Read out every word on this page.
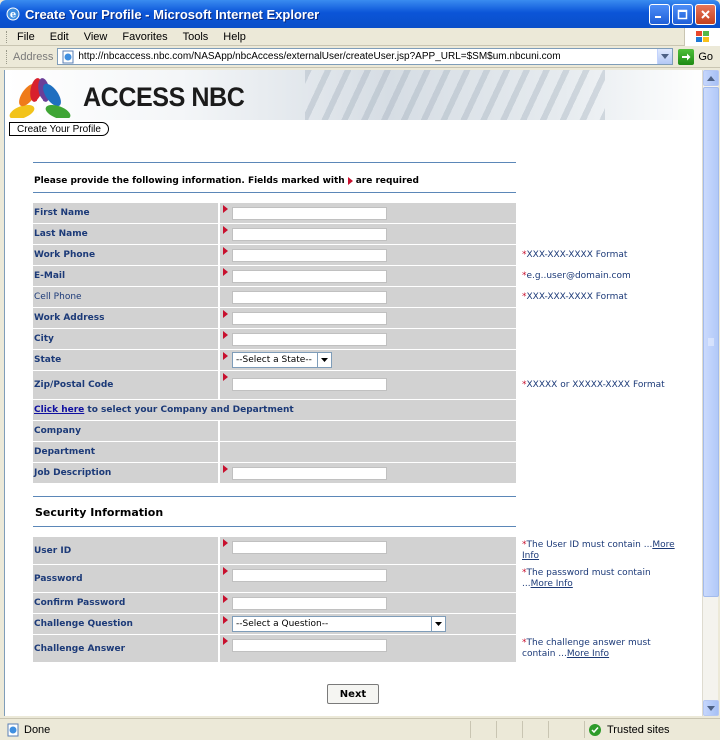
e Create Your Profile - Microsoft Internet Explorer
File Edit View Favorites Tools Help
Address	http://nbcaccess.nbc.com/NASApp/nbcAccess/externalUser/createUser.jsp?APP_URL=$SM$um.nbcuni.com	Go
ACCESS NBC
Create Your Profile
Please provide the following information. Fields marked with are required
First Name	

Last Name	

Work Phone		*XXX-XXX-XXXX Format
E-Mail		*e.g..user@domain.com
Cell Phone		*XXX-XXX-XXXX Format
Work Address	

City	

State	--Select a State--	

Zip/Postal Code		*XXXXX or XXXXX-XXXX Format
Click here to select your Company and Department		
Company		
Department		
Job Description	

Security Information
User ID		*The User ID must contain ...More Info
Password		*The password must contain ...More Info
Confirm Password	

Challenge Question	--Select a Question--	

Challenge Answer		*The challenge answer must contain ...More Info
Next
Done	Trusted sites
